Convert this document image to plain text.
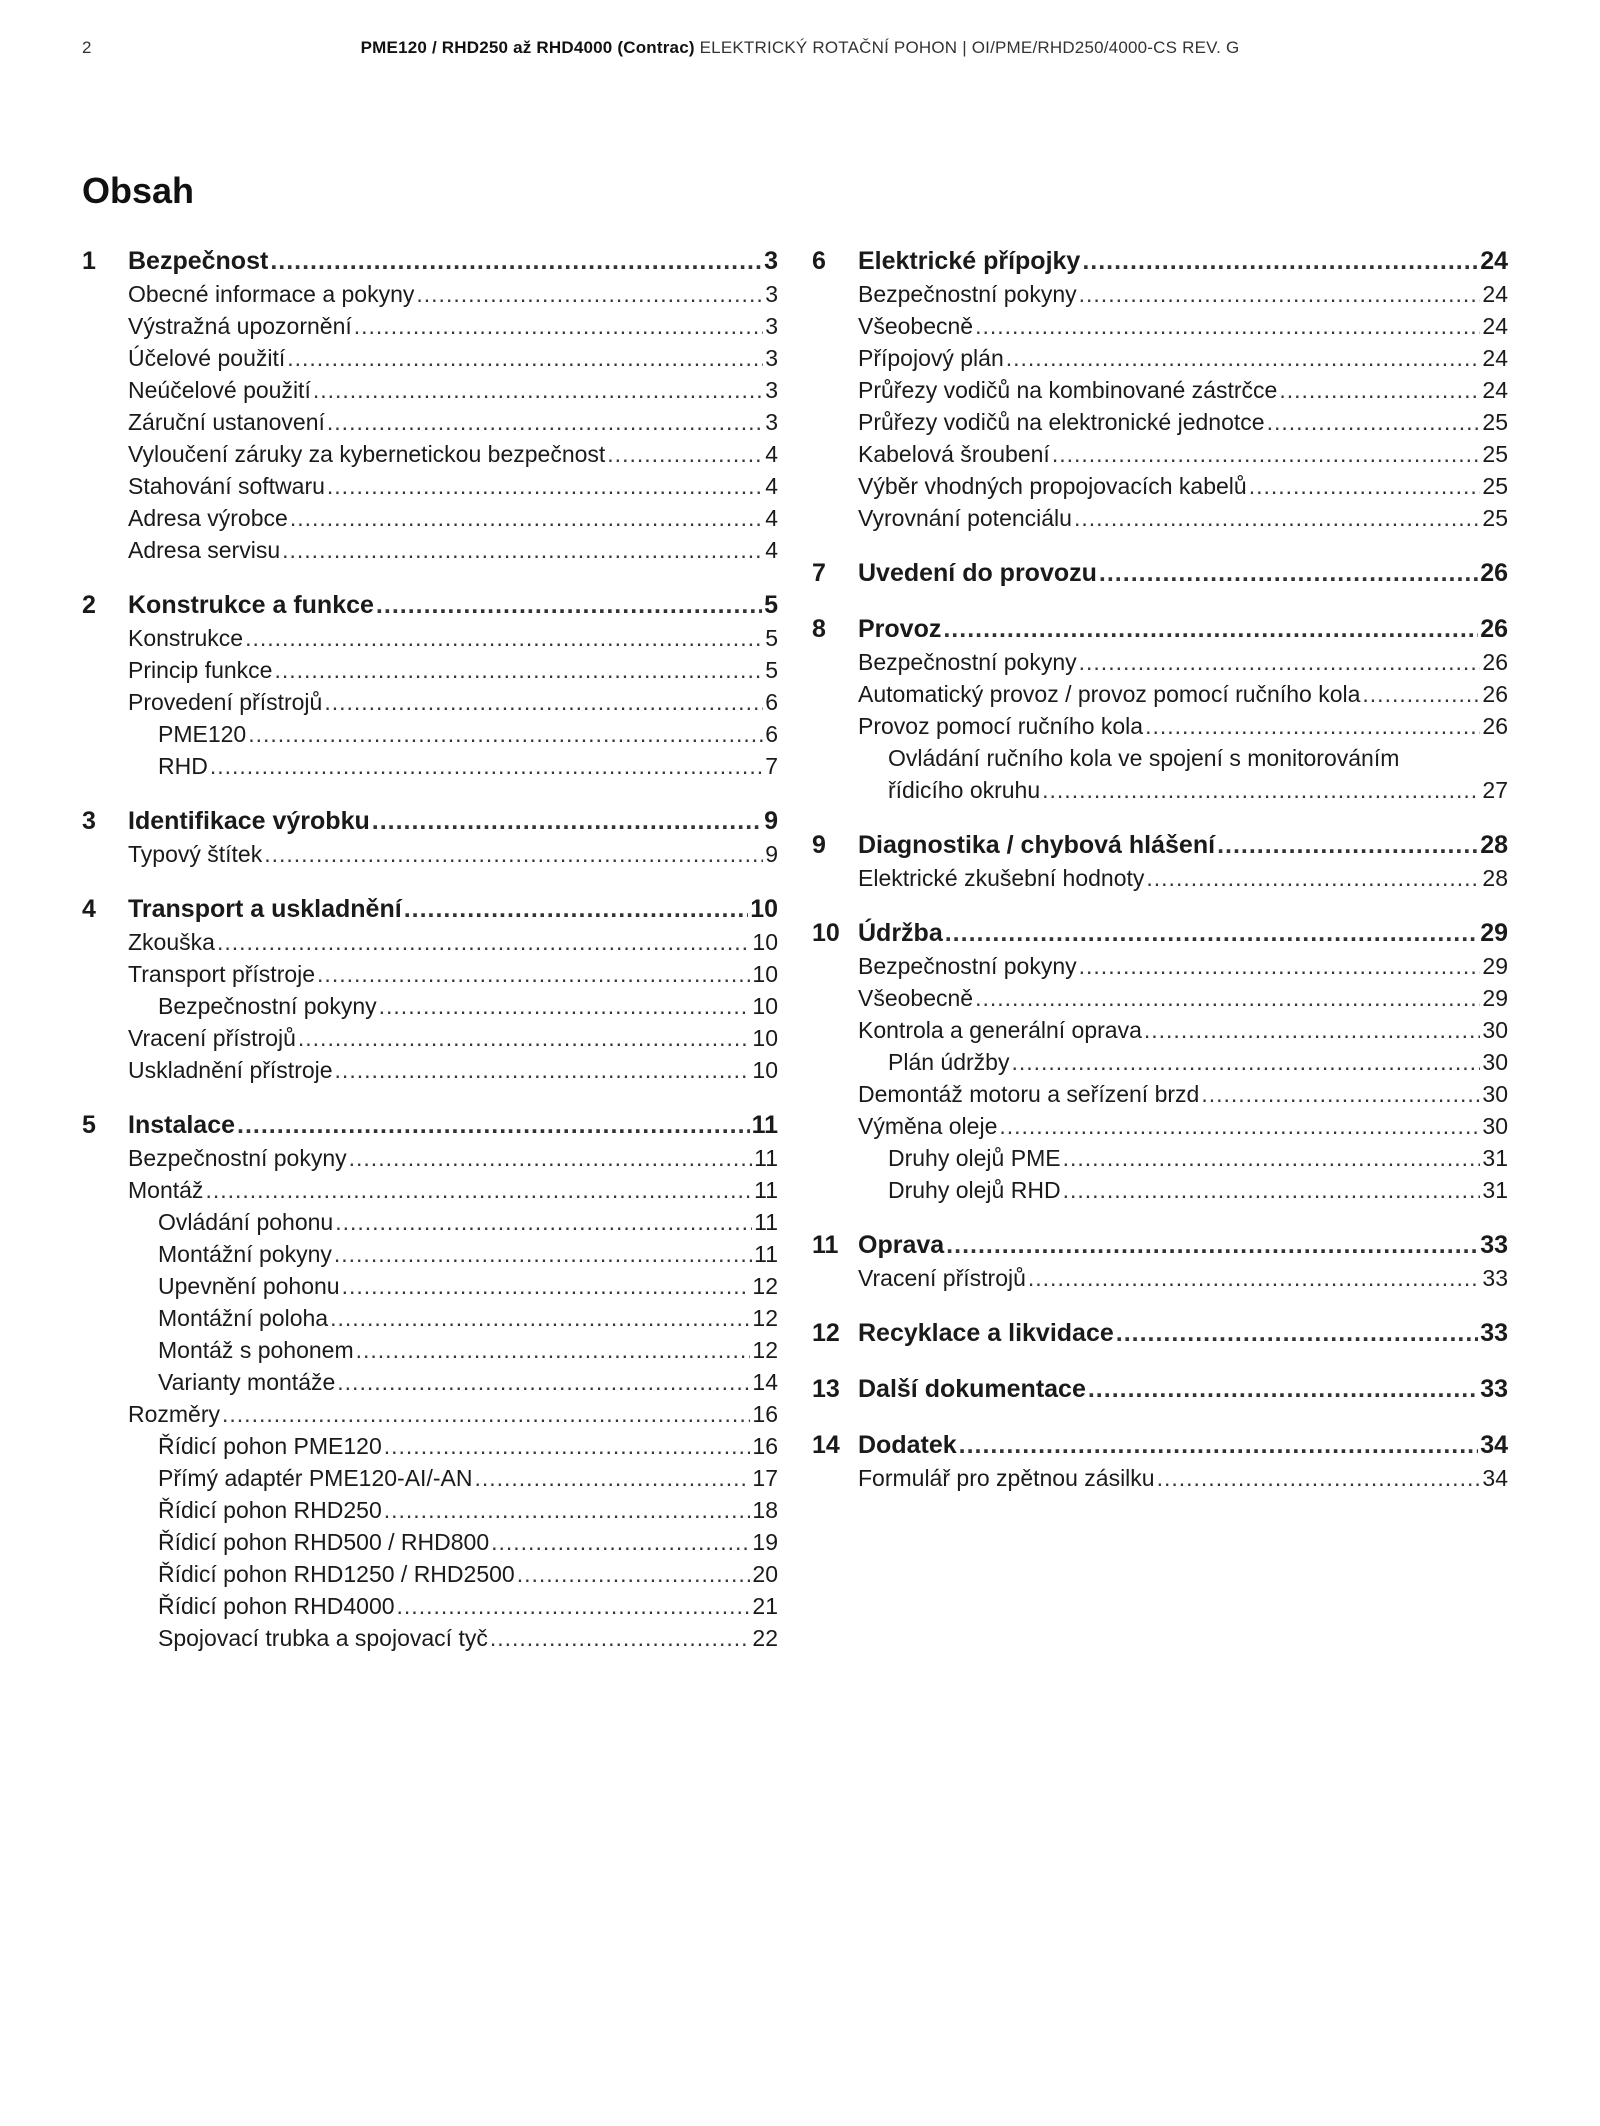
2	PME120 / RHD250 až RHD4000 (Contrac) ELEKTRICKÝ ROTAČNÍ POHON | OI/PME/RHD250/4000-CS REV. G
Obsah
1	Bezpečnost .....	3
Obecné informace a pokyny .....	3
Výstražná upozornění .....	3
Účelové použití .....	3
Neúčelové použití .....	3
Záruční ustanovení .....	3
Vyloučení záruky za kybernetickou bezpečnost .....	4
Stahování softwaru .....	4
Adresa výrobce .....	4
Adresa servisu .....	4
2	Konstrukce a funkce .....	5
Konstrukce .....	5
Princip funkce .....	5
Provedení přístrojů .....	6
PME120 .....	6
RHD .....	7
3	Identifikace výrobku .....	9
Typový štítek .....	9
4	Transport a uskladnění .....	10
Zkouška .....	10
Transport přístroje .....	10
Bezpečnostní pokyny .....	10
Vracení přístrojů .....	10
Uskladnění přístroje .....	10
5	Instalace .....	11
Bezpečnostní pokyny .....	11
Montáž .....	11
Ovládání pohonu .....	11
Montážní pokyny .....	11
Upevnění pohonu .....	12
Montážní poloha .....	12
Montáž s pohonem .....	12
Varianty montáže .....	14
Rozměry .....	16
Řídicí pohon PME120 .....	16
Přímý adaptér PME120-AI/-AN .....	17
Řídicí pohon RHD250 .....	18
Řídicí pohon RHD500 / RHD800 .....	19
Řídicí pohon RHD1250 / RHD2500 .....	20
Řídicí pohon RHD4000 .....	21
Spojovací trubka a spojovací tyč .....	22
6	Elektrické přípojky .....	24
Bezpečnostní pokyny .....	24
Všeobecně .....	24
Přípojový plán .....	24
Průřezy vodičů na kombinované zástrčce .....	24
Průřezy vodičů na elektronické jednotce .....	25
Kabelová šroubení .....	25
Výběr vhodných propojovacích kabelů .....	25
Vyrovnání potenciálu .....	25
7	Uvedení do provozu .....	26
8	Provoz .....	26
Bezpečnostní pokyny .....	26
Automatický provoz / provoz pomocí ručního kola .....	26
Provoz pomocí ručního kola .....	26
Ovládání ručního kola ve spojení s monitorováním
řídicího okruhu .....	27
9	Diagnostika / chybová hlášení .....	28
Elektrické zkušební hodnoty .....	28
10 Údržba .....	29
Bezpečnostní pokyny .....	29
Všeobecně .....	29
Kontrola a generální oprava .....	30
Plán údržby .....	30
Demontáž motoru a seřízení brzd .....	30
Výměna oleje .....	30
Druhy olejů PME .....	31
Druhy olejů RHD .....	31
11 Oprava .....	33
Vracení přístrojů .....	33
12 Recyklace a likvidace .....	33
13 Další dokumentace .....	33
14 Dodatek .....	34
Formulář pro zpětnou zásilku .....	34
